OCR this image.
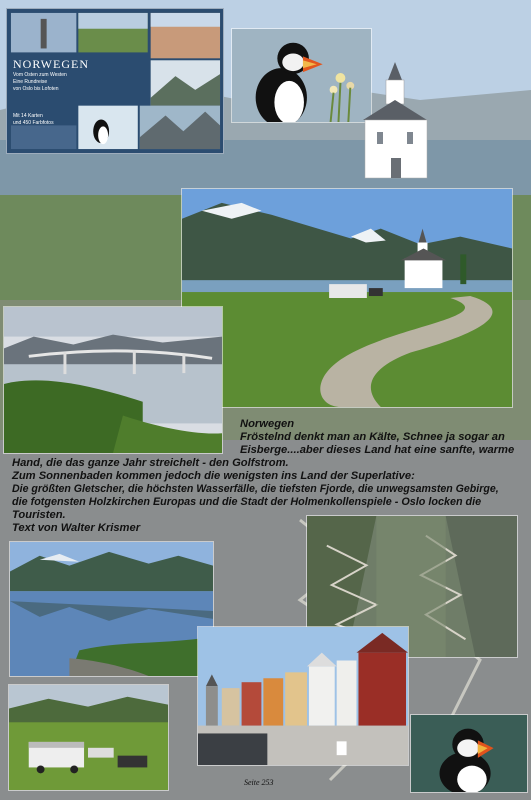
NORWEGEN
Vom Osten zum Westen
Eine Rundreise
von Oslo bis Lofoten
Mit 14 Karten
und 450 Farbfotos
Norwegen
Fröstelnd denkt man an Kälte, Schnee ja sogar an
Eisberge....aber dieses Land hat eine sanfte, warme
Hand, die das ganze Jahr streichelt - den Golfstrom.
Zum Sonnenbaden kommen jedoch die wenigsten ins Land der Superlative:
Die größten Gletscher, die höchsten Wasserfälle, die tiefsten Fjorde, die unwegsamsten Gebirge,
die fotgensten Holzkirchen Europas und die Stadt der Holmenkollenspiele - Oslo locken die
Touristen.
Text von Walter Krismer
Seite 253
